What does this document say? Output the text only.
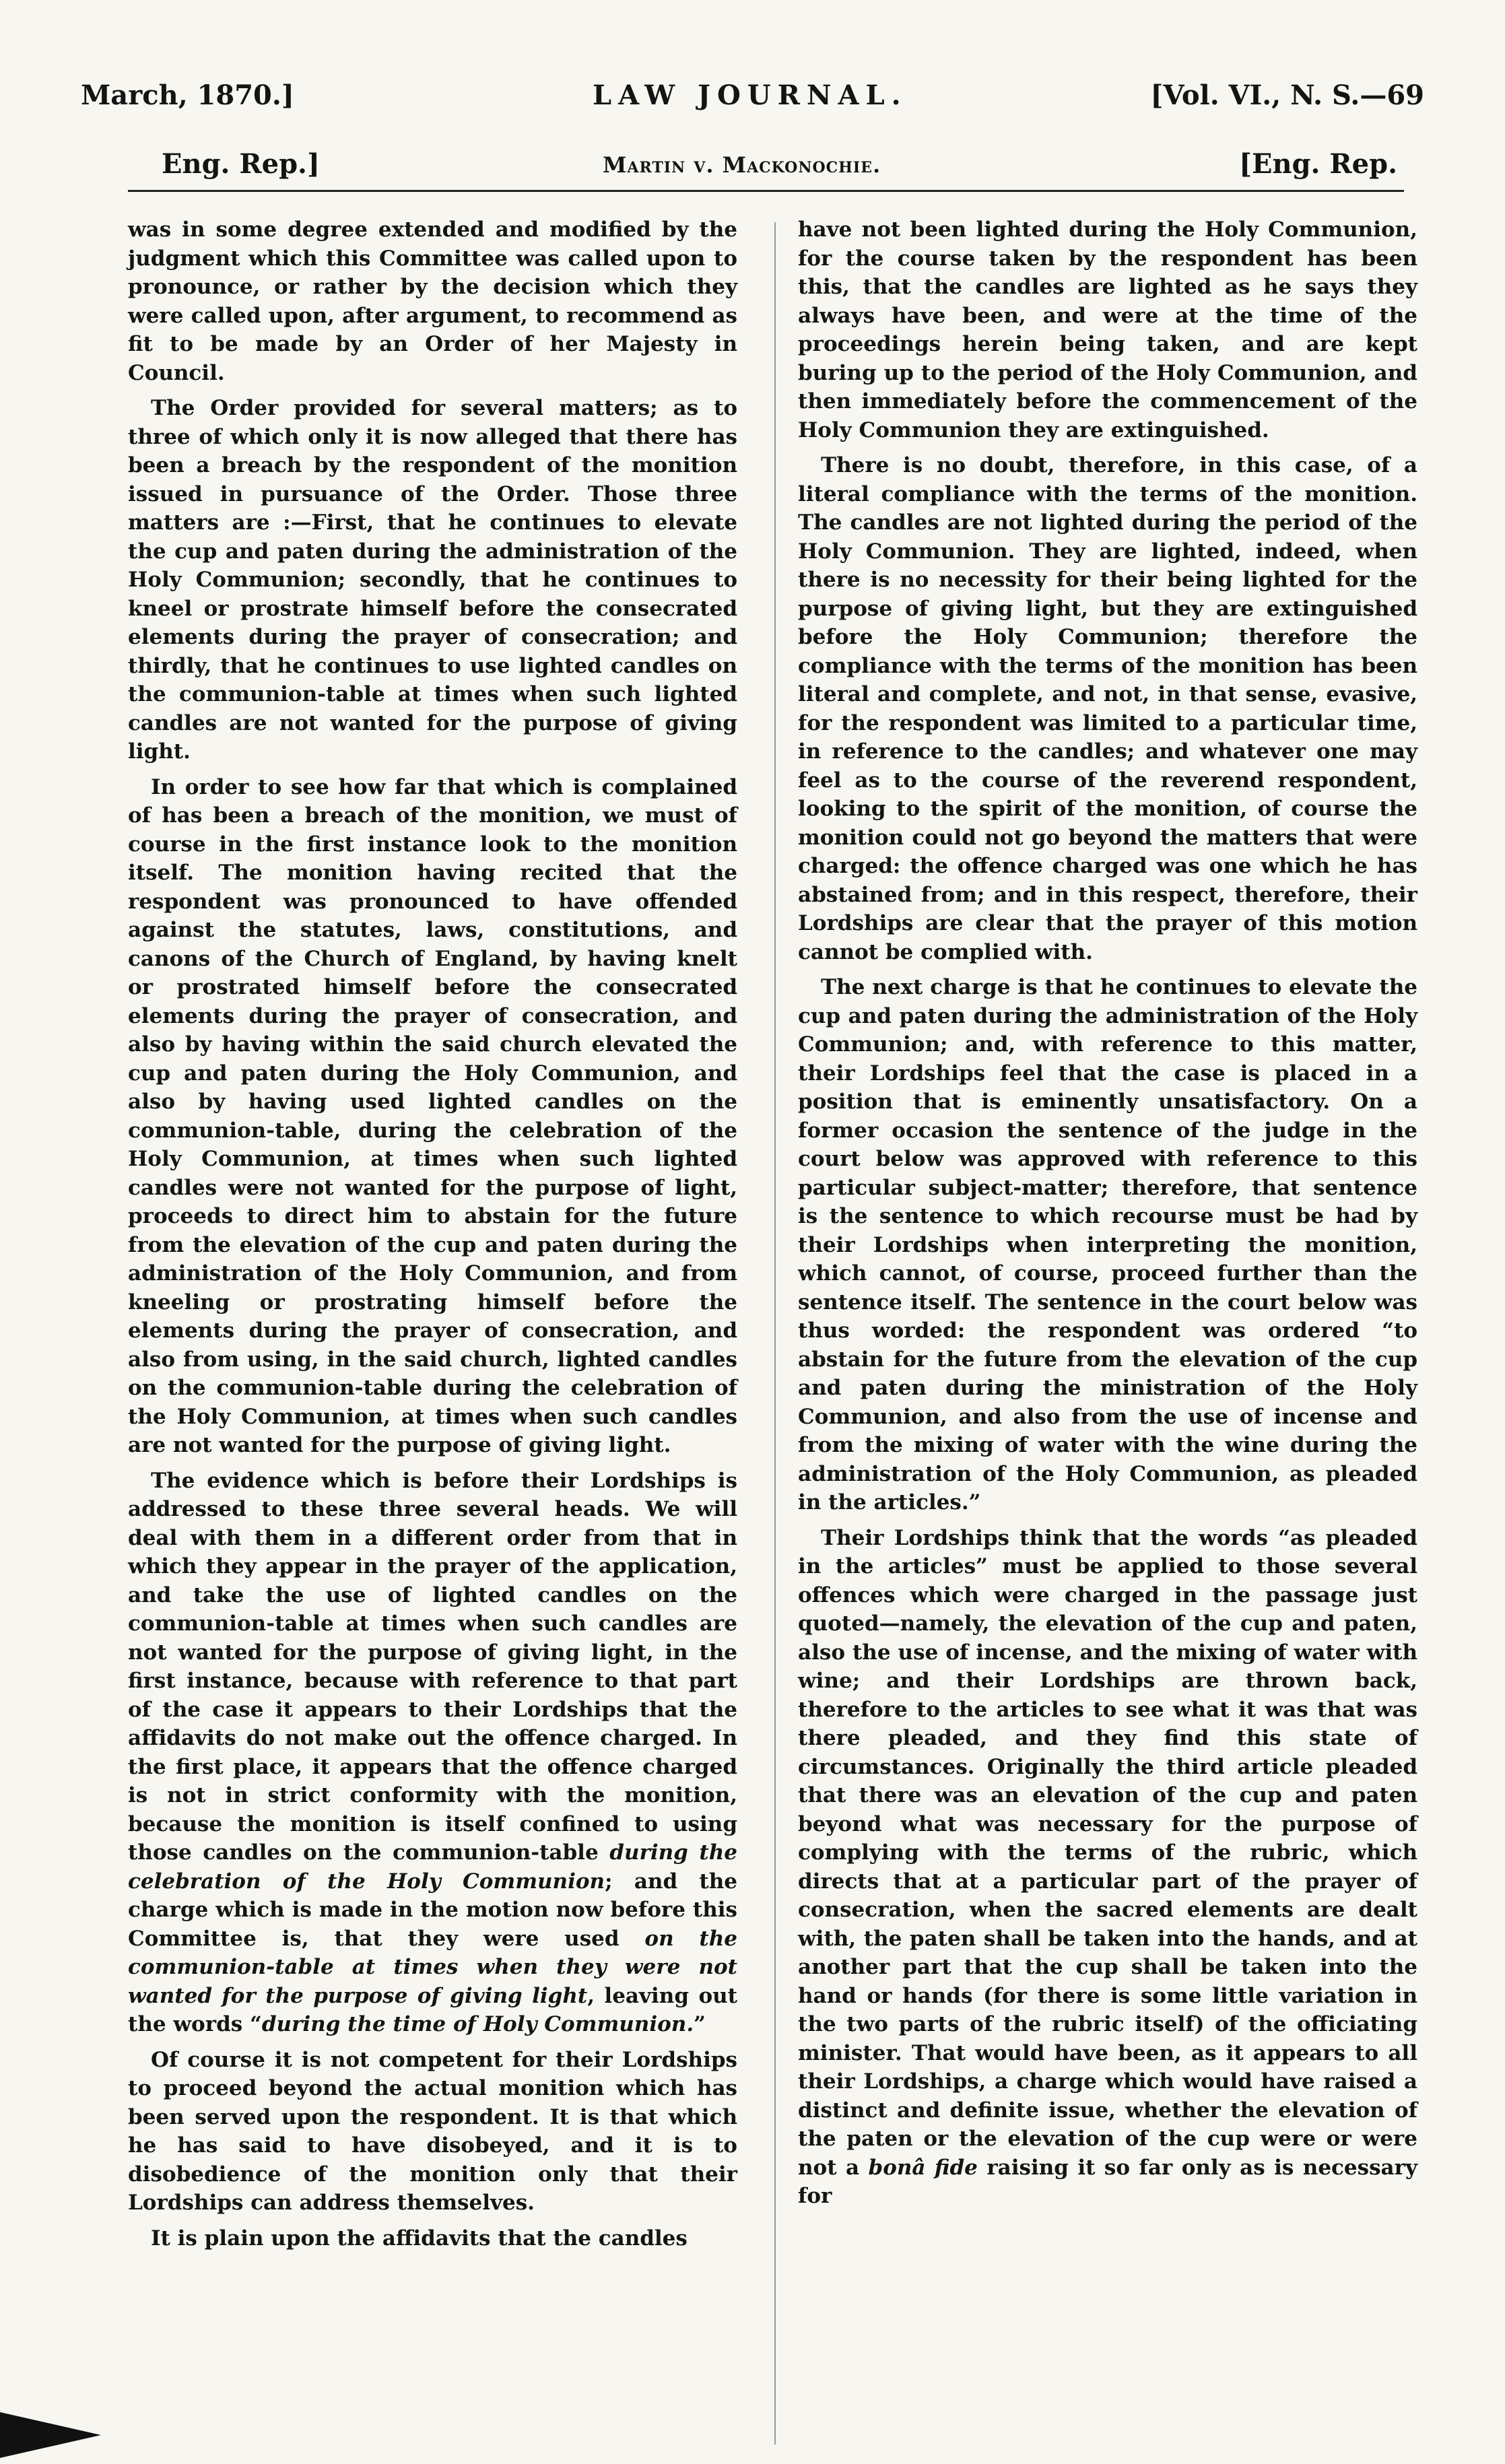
March, 1870.]	LAW JOURNAL.	[Vol. VI., N. S.—69
Eng. Rep.]	Martin v. Mackonochie.	[Eng. Rep.

was in some degree extended and modified by the judgment which this Committee was called upon to pronounce, or rather by the decision which they were called upon, after argument, to recommend as fit to be made by an Order of her Majesty in Council.

The Order provided for several matters; as to three of which only it is now alleged that there has been a breach by the respondent of the monition issued in pursuance of the Order. Those three matters are :—First, that he continues to elevate the cup and paten during the administration of the Holy Communion; secondly, that he continues to kneel or prostrate himself before the consecrated elements during the prayer of consecration; and thirdly, that he continues to use lighted candles on the communion-table at times when such lighted candles are not wanted for the purpose of giving light.

In order to see how far that which is complained of has been a breach of the monition, we must of course in the first instance look to the monition itself. The monition having recited that the respondent was pronounced to have offended against the statutes, laws, constitutions, and canons of the Church of England, by having knelt or prostrated himself before the consecrated elements during the prayer of consecration, and also by having within the said church elevated the cup and paten during the Holy Communion, and also by having used lighted candles on the communion-table, during the celebration of the Holy Communion, at times when such lighted candles were not wanted for the purpose of light, proceeds to direct him to abstain for the future from the elevation of the cup and paten during the administration of the Holy Communion, and from kneeling or prostrating himself before the elements during the prayer of consecration, and also from using, in the said church, lighted candles on the communion-table during the celebration of the Holy Communion, at times when such candles are not wanted for the purpose of giving light.

The evidence which is before their Lordships is addressed to these three several heads. We will deal with them in a different order from that in which they appear in the prayer of the application, and take the use of lighted candles on the communion-table at times when such candles are not wanted for the purpose of giving light, in the first instance, because with reference to that part of the case it appears to their Lordships that the affidavits do not make out the offence charged. In the first place, it appears that the offence charged is not in strict conformity with the monition, because the monition is itself confined to using those candles on the communion-table during the celebration of the Holy Communion; and the charge which is made in the motion now before this Committee is, that they were used on the communion-table at times when they were not wanted for the purpose of giving light, leaving out the words “during the time of Holy Communion.”

Of course it is not competent for their Lordships to proceed beyond the actual monition which has been served upon the respondent. It is that which he has said to have disobeyed, and it is to disobedience of the monition only that their Lordships can address themselves.

It is plain upon the affidavits that the candles

have not been lighted during the Holy Communion, for the course taken by the respondent has been this, that the candles are lighted as he says they always have been, and were at the time of the proceedings herein being taken, and are kept buring up to the period of the Holy Communion, and then immediately before the commencement of the Holy Communion they are extinguished.

There is no doubt, therefore, in this case, of a literal compliance with the terms of the monition. The candles are not lighted during the period of the Holy Communion. They are lighted, indeed, when there is no necessity for their being lighted for the purpose of giving light, but they are extinguished before the Holy Communion; therefore the compliance with the terms of the monition has been literal and complete, and not, in that sense, evasive, for the respondent was limited to a particular time, in reference to the candles; and whatever one may feel as to the course of the reverend respondent, looking to the spirit of the monition, of course the monition could not go beyond the matters that were charged: the offence charged was one which he has abstained from; and in this respect, therefore, their Lordships are clear that the prayer of this motion cannot be complied with.

The next charge is that he continues to elevate the cup and paten during the administration of the Holy Communion; and, with reference to this matter, their Lordships feel that the case is placed in a position that is eminently unsatisfactory. On a former occasion the sentence of the judge in the court below was approved with reference to this particular subject-matter; therefore, that sentence is the sentence to which recourse must be had by their Lordships when interpreting the monition, which cannot, of course, proceed further than the sentence itself. The sentence in the court below was thus worded: the respondent was ordered “to abstain for the future from the elevation of the cup and paten during the ministration of the Holy Communion, and also from the use of incense and from the mixing of water with the wine during the administration of the Holy Communion, as pleaded in the articles.”

Their Lordships think that the words “as pleaded in the articles” must be applied to those several offences which were charged in the passage just quoted—namely, the elevation of the cup and paten, also the use of incense, and the mixing of water with wine; and their Lordships are thrown back, therefore to the articles to see what it was that was there pleaded, and they find this state of circumstances. Originally the third article pleaded that there was an elevation of the cup and paten beyond what was necessary for the purpose of complying with the terms of the rubric, which directs that at a particular part of the prayer of consecration, when the sacred elements are dealt with, the paten shall be taken into the hands, and at another part that the cup shall be taken into the hand or hands (for there is some little variation in the two parts of the rubric itself) of the officiating minister. That would have been, as it appears to all their Lordships, a charge which would have raised a distinct and definite issue, whether the elevation of the paten or the elevation of the cup were or were not a bonâ fide raising it so far only as is necessary for
